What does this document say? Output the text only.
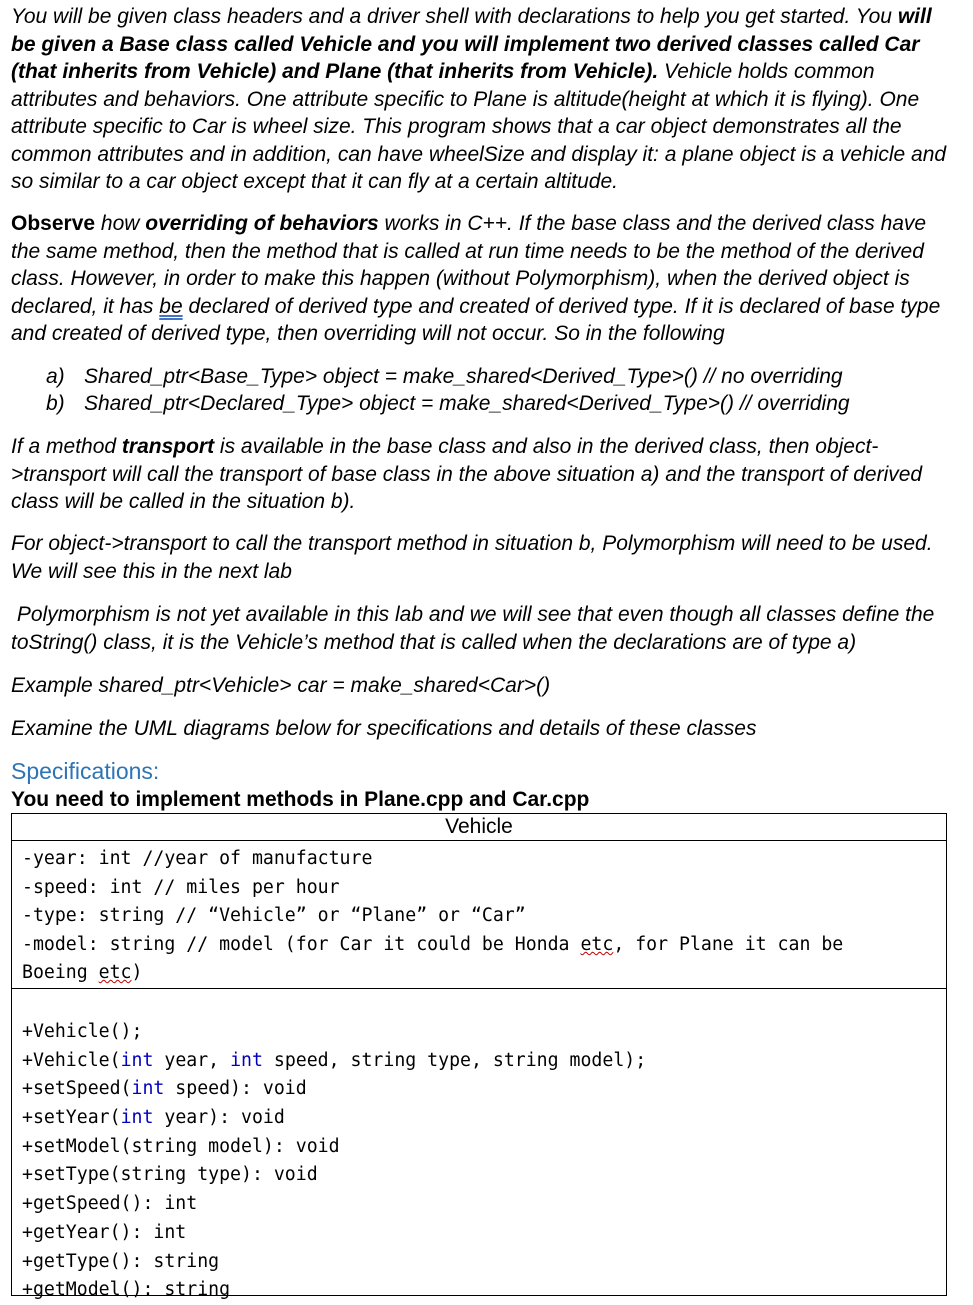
You will be given class headers and a driver shell with declarations to help you get started. You will be given a Base class called Vehicle and you will implement two derived classes called Car (that inherits from Vehicle) and Plane (that inherits from Vehicle). Vehicle holds common attributes and behaviors. One attribute specific to Plane is altitude(height at which it is flying). One attribute specific to Car is wheel size. This program shows that a car object demonstrates all the common attributes and in addition, can have wheelSize and display it: a plane object is a vehicle and so similar to a car object except that it can fly at a certain altitude.

Observe how overriding of behaviors works in C++. If the base class and the derived class have the same method, then the method that is called at run time needs to be the method of the derived class. However, in order to make this happen (without Polymorphism), when the derived object is declared, it has be declared of derived type and created of derived type. If it is declared of base type and created of derived type, then overriding will not occur. So in the following

a) Shared_ptr<Base_Type> object = make_shared<Derived_Type>() // no overriding
b) Shared_ptr<Declared_Type> object = make_shared<Derived_Type>() // overriding

If a method transport is available in the base class and also in the derived class, then object->transport will call the transport of base class in the above situation a) and the transport of derived class will be called in the situation b).

For object->transport to call the transport method in situation b, Polymorphism will need to be used. We will see this in the next lab

Polymorphism is not yet available in this lab and we will see that even though all classes define the toString() class, it is the Vehicle’s method that is called when the declarations are of type a)

Example shared_ptr<Vehicle> car = make_shared<Car>()

Examine the UML diagrams below for specifications and details of these classes

Specifications:
You need to implement methods in Plane.cpp and Car.cpp
Vehicle
-year: int //year of manufacture
-speed: int // miles per hour
-type: string // “Vehicle” or “Plane” or “Car”
-model: string // model (for Car it could be Honda etc, for Plane it can be
Boeing etc)
+Vehicle();
+Vehicle(int year, int speed, string type, string model);
+setSpeed(int speed): void
+setYear(int year): void
+setModel(string model): void
+setType(string type): void
+getSpeed(): int
+getYear(): int
+getType(): string
+getModel(): string
